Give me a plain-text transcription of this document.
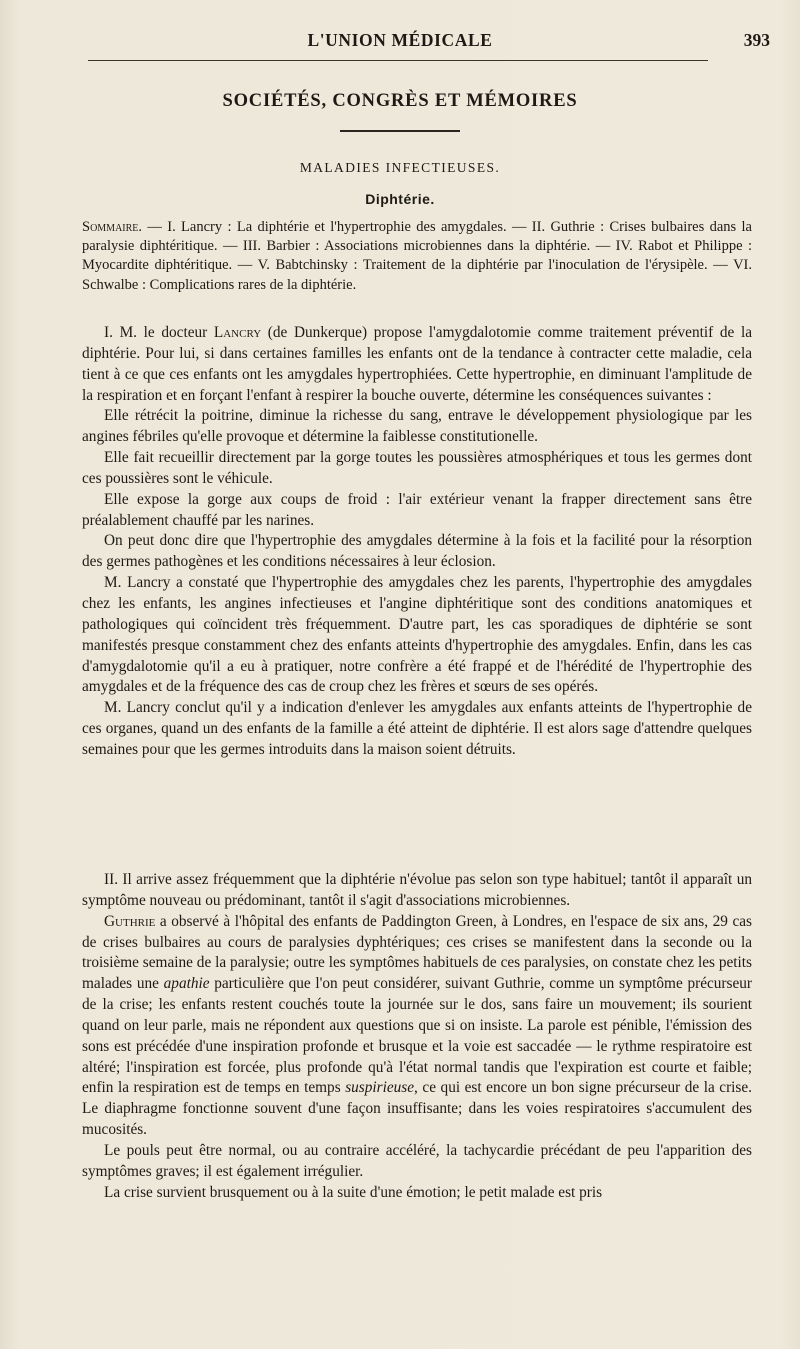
L'UNION MÉDICALE	393
SOCIÉTÉS, CONGRÈS ET MÉMOIRES
MALADIES INFECTIEUSES.
Diphtérie.
Sommaire. — I. Lancry : La diphtérie et l'hypertrophie des amygdales. — II. Guthrie : Crises bulbaires dans la paralysie diphtéritique. — III. Barbier : Associations microbiennes dans la diphtérie. — IV. Rabot et Philippe : Myocardite diphtéritique. — V. Babtchinsky : Traitement de la diphtérie par l'inoculation de l'érysipèle. — VI. Schwalbe : Complications rares de la diphtérie.

I. M. le docteur Lancry (de Dunkerque) propose l'amygdalotomie comme traitement préventif de la diphtérie. Pour lui, si dans certaines familles les enfants ont de la tendance à contracter cette maladie, cela tient à ce que ces enfants ont les amygdales hypertrophiées. Cette hypertrophie, en diminuant l'amplitude de la respiration et en forçant l'enfant à respirer la bouche ouverte, détermine les conséquences suivantes :

Elle rétrécit la poitrine, diminue la richesse du sang, entrave le développement physiologique par les angines fébriles qu'elle provoque et détermine la faiblesse constitutionelle.

Elle fait recueillir directement par la gorge toutes les poussières atmosphériques et tous les germes dont ces poussières sont le véhicule.

Elle expose la gorge aux coups de froid : l'air extérieur venant la frapper directement sans être préalablement chauffé par les narines.

On peut donc dire que l'hypertrophie des amygdales détermine à la fois et la facilité pour la résorption des germes pathogènes et les conditions nécessaires à leur éclosion.

M. Lancry a constaté que l'hypertrophie des amygdales chez les parents, l'hypertrophie des amygdales chez les enfants, les angines infectieuses et l'angine diphtéritique sont des conditions anatomiques et pathologiques qui coïncident très fréquemment. D'autre part, les cas sporadiques de diphtérie se sont manifestés presque constamment chez des enfants atteints d'hypertrophie des amygdales. Enfin, dans les cas d'amygdalotomie qu'il a eu à pratiquer, notre confrère a été frappé et de l'hérédité de l'hypertrophie des amygdales et de la fréquence des cas de croup chez les frères et sœurs de ses opérés.

M. Lancry conclut qu'il y a indication d'enlever les amygdales aux enfants atteints de l'hypertrophie de ces organes, quand un des enfants de la famille a été atteint de diphtérie. Il est alors sage d'attendre quelques semaines pour que les germes introduits dans la maison soient détruits.

II. Il arrive assez fréquemment que la diphtérie n'évolue pas selon son type habituel; tantôt il apparaît un symptôme nouveau ou prédominant, tantôt il s'agit d'associations microbiennes.

Guthrie a observé à l'hôpital des enfants de Paddington Green, à Londres, en l'espace de six ans, 29 cas de crises bulbaires au cours de paralysies dyphtériques; ces crises se manifestent dans la seconde ou la troisième semaine de la paralysie; outre les symptômes habituels de ces paralysies, on constate chez les petits malades une apathie particulière que l'on peut considérer, suivant Guthrie, comme un symptôme précurseur de la crise; les enfants restent couchés toute la journée sur le dos, sans faire un mouvement; ils sourient quand on leur parle, mais ne répondent aux questions que si on insiste. La parole est pénible, l'émission des sons est précédée d'une inspiration profonde et brusque et la voie est saccadée — le rythme respiratoire est altéré; l'inspiration est forcée, plus profonde qu'à l'état normal tandis que l'expiration est courte et faible; enfin la respiration est de temps en temps suspirieuse, ce qui est encore un bon signe précurseur de la crise. Le diaphragme fonctionne souvent d'une façon insuffisante; dans les voies respiratoires s'accumulent des mucosités.

Le pouls peut être normal, ou au contraire accéléré, la tachycardie précédant de peu l'apparition des symptômes graves; il est également irrégulier.

La crise survient brusquement ou à la suite d'une émotion; le petit malade est pris
